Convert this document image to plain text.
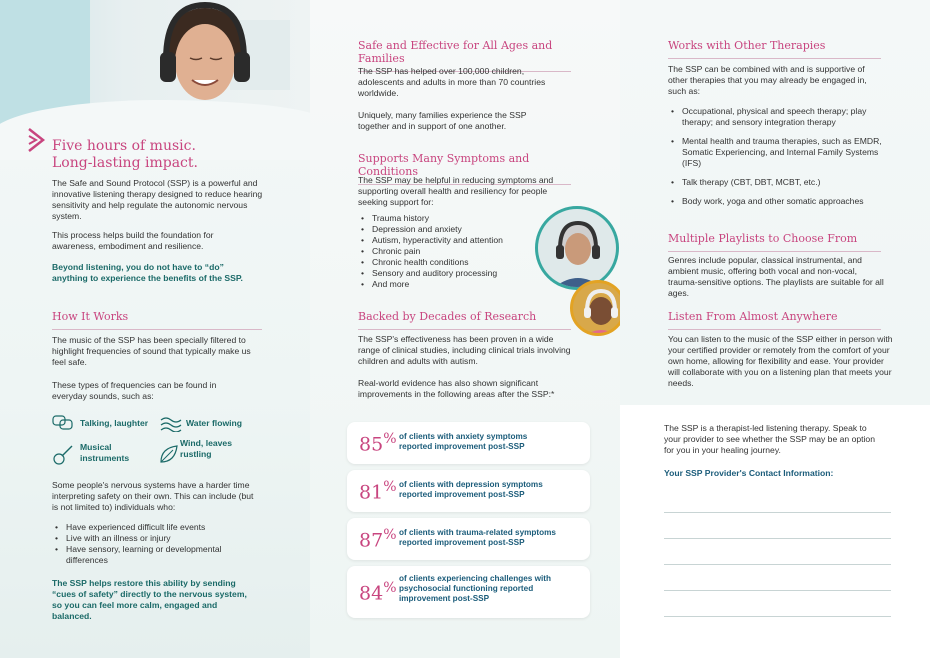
Five hours of music.
Long-lasting impact.
The Safe and Sound Protocol (SSP) is a powerful and innovative listening therapy designed to reduce hearing sensitivity and help regulate the autonomic nervous system.
This process helps build the foundation for awareness, embodiment and resilience.
Beyond listening, you do not have to “do” anything to experience the benefits of the SSP.
How It Works
The music of the SSP has been specially filtered to highlight frequencies of sound that typically make us feel safe.
These types of frequencies can be found in everyday sounds, such as:
Talking, laughter	Water flowing
Musical instruments
Wind, leaves rustling
Some people's nervous systems have a harder time interpreting safety on their own. This can include (but is not limited to) individuals who:
• Have experienced difficult life events
• Live with an illness or injury
• Have sensory, learning or developmental differences
The SSP helps restore this ability by sending “cues of safety” directly to the nervous system, so you can feel more calm, engaged and balanced.
Safe and Effective for All Ages and Families
The SSP has helped over 100,000 children, adolescents and adults in more than 70 countries worldwide.
Uniquely, many families experience the SSP together and in support of one another.
Supports Many Symptoms and Conditions
The SSP may be helpful in reducing symptoms and supporting overall health and resiliency for people seeking support for:
• Trauma history
• Depression and anxiety
• Autism, hyperactivity and attention
• Chronic pain
• Chronic health conditions
• Sensory and auditory processing
• And more
Backed by Decades of Research
The SSP's effectiveness has been proven in a wide range of clinical studies, including clinical trials involving children and adults with autism.
Real-world evidence has also shown significant improvements in the following areas after the SSP:*
85% of clients with anxiety symptoms reported improvement post-SSP
81% of clients with depression symptoms reported improvement post-SSP
87% of clients with trauma-related symptoms reported improvement post-SSP
84%
of clients experiencing challenges with psychosocial functioning reported improvement post-SSP
Works with Other Therapies
The SSP can be combined with and is supportive of other therapies that you may already be engaged in, such as:
• Occupational, physical and speech therapy; play therapy; and sensory integration therapy
• Mental health and trauma therapies, such as EMDR, Somatic Experiencing, and Internal Family Systems (IFS)
• Talk therapy (CBT, DBT, MCBT, etc.)
• Body work, yoga and other somatic approaches
Multiple Playlists to Choose From
Genres include popular, classical instrumental, and ambient music, offering both vocal and non-vocal, trauma-sensitive options. The playlists are suitable for all ages.
Listen From Almost Anywhere
You can listen to the music of the SSP either in person with your certified provider or remotely from the comfort of your own home, allowing for flexibility and ease. Your provider will collaborate with you on a listening plan that meets your needs.
The SSP is a therapist-led listening therapy. Speak to your provider to see whether the SSP may be an option for you in your healing journey.
Your SSP Provider's Contact Information:
